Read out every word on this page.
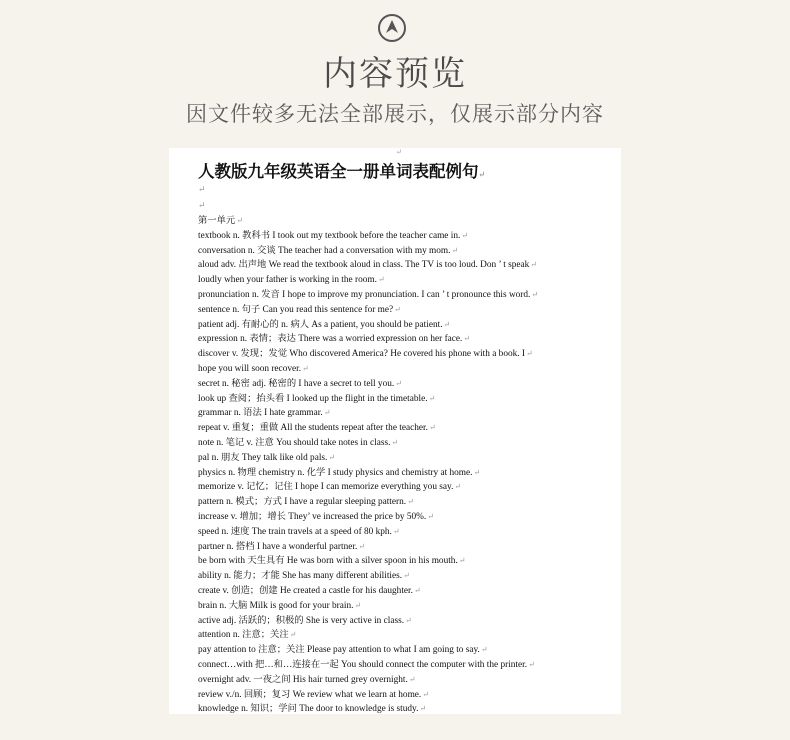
内容预览
因文件较多无法全部展示，仅展示部分内容
↵
人教版九年级英语全一册单词表配例句↵
↵
↵
第一单元↵
textbook n. 教科书 I took out my textbook before the teacher came in.↵
conversation n. 交谈 The teacher had a conversation with my mom.↵
aloud adv. 出声地 We read the textbook aloud in class. The TV is too loud. Don ’ t speak↵
loudly when your father is working in the room.↵
pronunciation n. 发音 I hope to improve my pronunciation. I can ’ t pronounce this word.↵
sentence n. 句子 Can you read this sentence for me?↵
patient adj. 有耐心的 n. 病人 As a patient, you should be patient.↵
expression n. 表情；表达 There was a worried expression on her face.↵
discover v. 发现；发觉 Who discovered America? He covered his phone with a book. I↵
hope you will soon recover.↵
secret n. 秘密 adj. 秘密的 I have a secret to tell you.↵
look up 查阅；抬头看 I looked up the flight in the timetable.↵
grammar n. 语法 I hate grammar.↵
repeat v. 重复；重做 All the students repeat after the teacher.↵
note n. 笔记 v. 注意 You should take notes in class.↵
pal n. 朋友 They talk like old pals.↵
physics n. 物理 chemistry n. 化学 I study physics and chemistry at home.↵
memorize v. 记忆；记住 I hope I can memorize everything you say.↵
pattern n. 模式；方式 I have a regular sleeping pattern.↵
increase v. 增加；增长 They’ ve increased the price by 50%.↵
speed n. 速度 The train travels at a speed of 80 kph.↵
partner n. 搭档 I have a wonderful partner.↵
be born with 天生具有 He was born with a silver spoon in his mouth.↵
ability n. 能力；才能 She has many different abilities.↵
create v. 创造；创建 He created a castle for his daughter.↵
brain n. 大脑 Milk is good for your brain.↵
active adj. 活跃的；积极的 She is very active in class.↵
attention n. 注意；关注↵
pay attention to 注意；关注 Please pay attention to what I am going to say.↵
connect…with 把…和…连接在一起 You should connect the computer with the printer.↵
overnight adv. 一夜之间 His hair turned grey overnight.↵
review v./n. 回顾；复习 We review what we learn at home.↵
knowledge n. 知识；学问 The door to knowledge is study.↵
